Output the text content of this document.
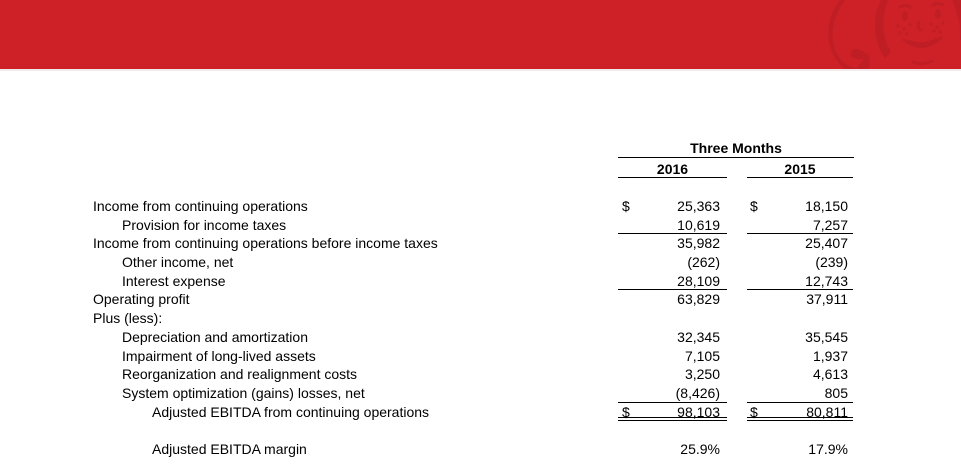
Three Months
2016	2015
Income from continuing operations	$	25,363	$	18,150
Provision for income taxes	10,619	7,257
Income from continuing operations before income taxes	35,982	25,407
Other income, net	(262)	(239)
Interest expense	28,109	12,743
Operating profit	63,829	37,911
Plus (less):
Depreciation and amortization	32,345	35,545
Impairment of long-lived assets	7,105	1,937
Reorganization and realignment costs	3,250	4,613
System optimization (gains) losses, net	(8,426)	805
Adjusted EBITDA from continuing operations	$	98,103	$	80,811
Adjusted EBITDA margin	25.9%	17.9%
